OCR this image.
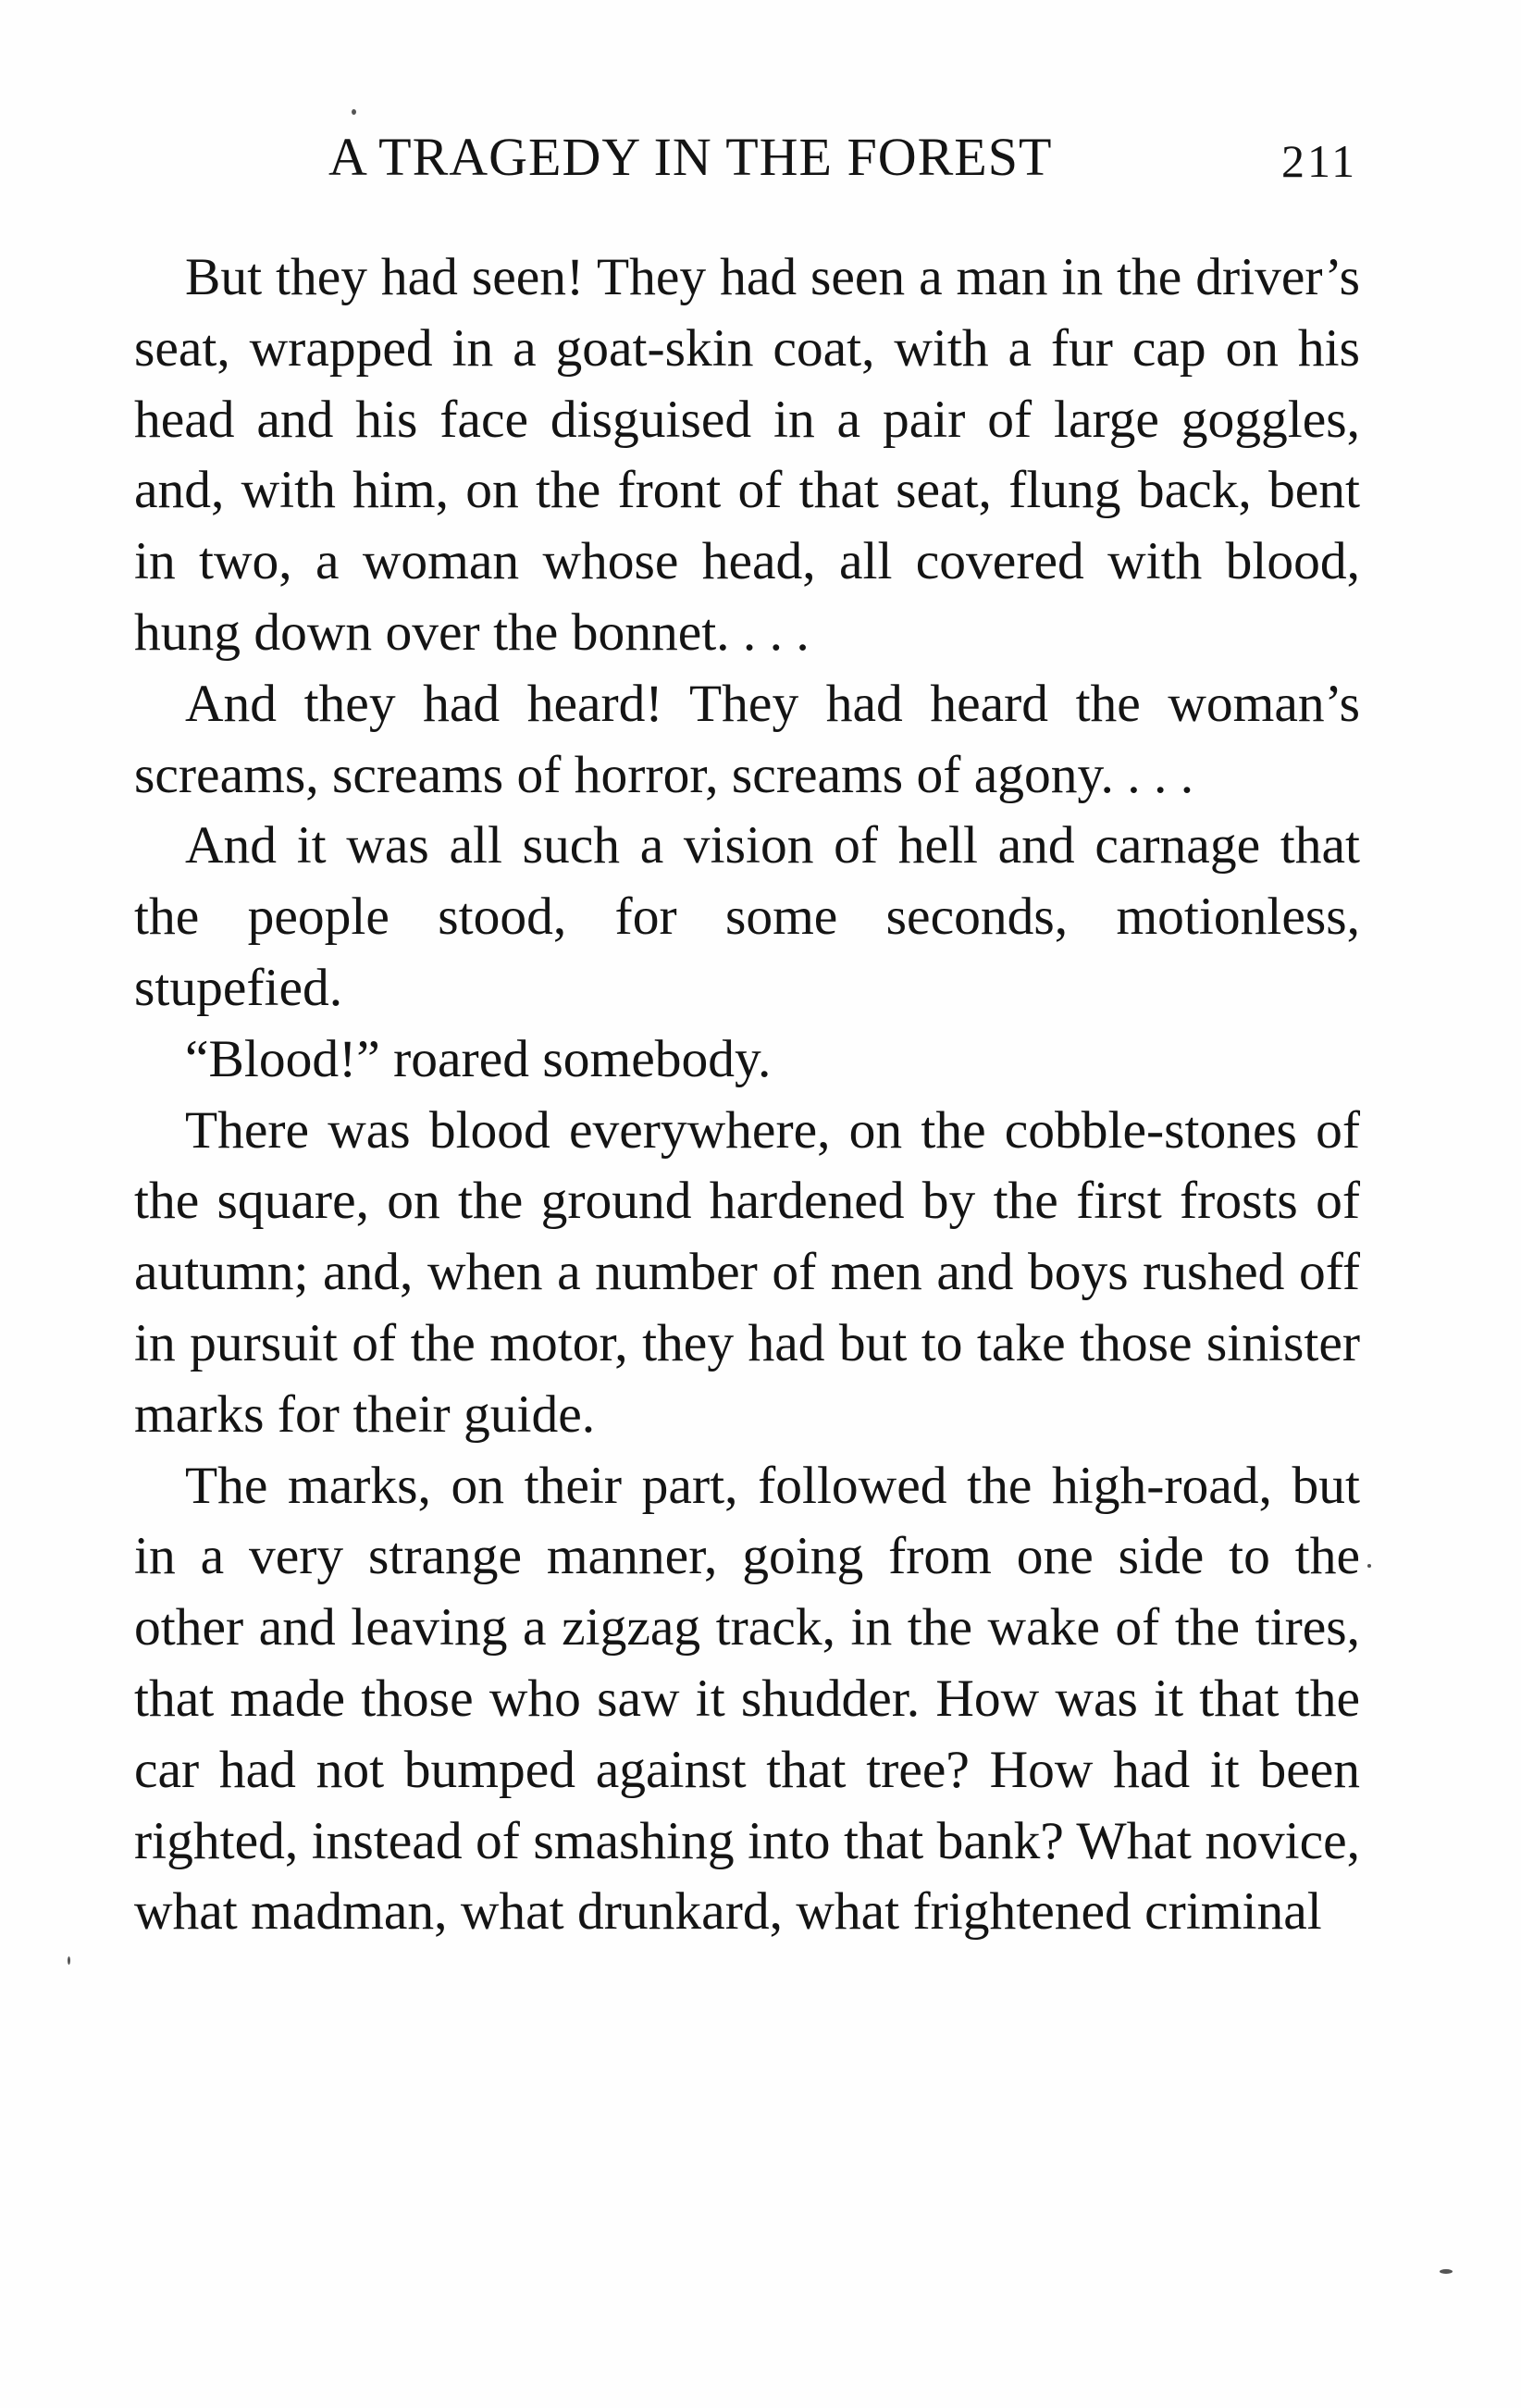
A TRAGEDY IN THE FOREST	211

But they had seen! They had seen a man in the driver’s seat, wrapped in a goat-skin coat, with a fur cap on his head and his face disguised in a pair of large goggles, and, with him, on the front of that seat, flung back, bent in two, a woman whose head, all covered with blood, hung down over the bonnet. . . .

And they had heard! They had heard the woman’s screams, screams of horror, screams of agony. . . .

And it was all such a vision of hell and carnage that the people stood, for some seconds, motionless, stupefied.

“Blood!” roared somebody.

There was blood everywhere, on the cobble-stones of the square, on the ground hardened by the first frosts of autumn; and, when a number of men and boys rushed off in pursuit of the motor, they had but to take those sinister marks for their guide.

The marks, on their part, followed the high-road, but in a very strange manner, going from one side to the other and leaving a zigzag track, in the wake of the tires, that made those who saw it shudder. How was it that the car had not bumped against that tree? How had it been righted, instead of smashing into that bank? What novice, what madman, what drunkard, what frightened criminal
